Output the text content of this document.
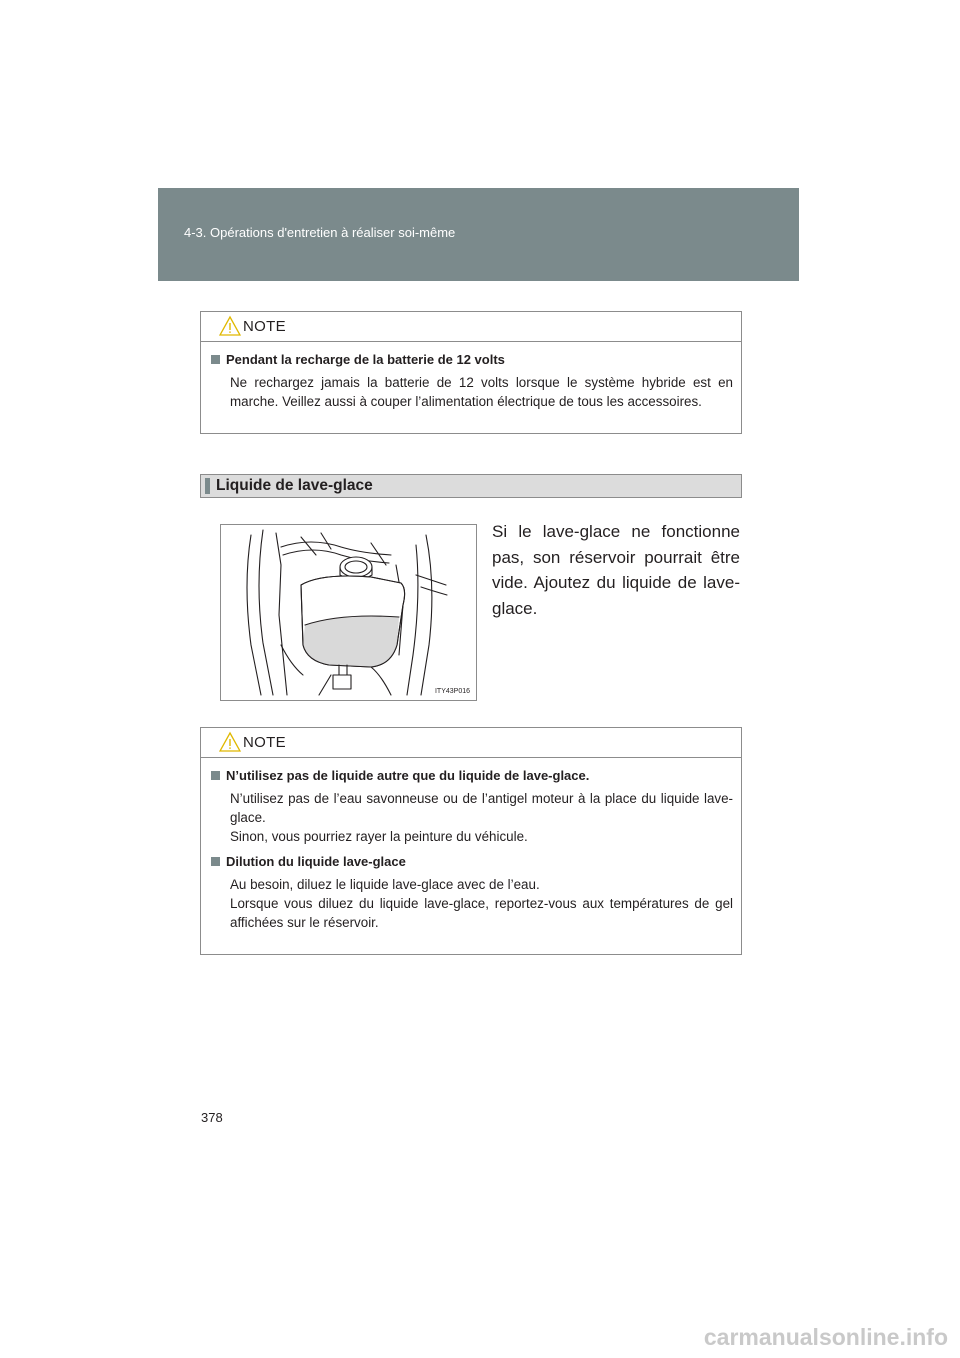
4-3. Opérations d'entretien à réaliser soi-même
NOTE
Pendant la recharge de la batterie de 12 volts

Ne rechargez jamais la batterie de 12 volts lorsque le système hybride est en marche. Veillez aussi à couper l’alimentation électrique de tous les accessoires.

Liquide de lave-glace
ITY43P016

Si le lave-glace ne fonctionne pas, son réservoir pourrait être vide. Ajoutez du liquide de lave-glace.

NOTE
N’utilisez pas de liquide autre que du liquide de lave-glace.

N’utilisez pas de l’eau savonneuse ou de l’antigel moteur à la place du liquide lave-glace.

Sinon, vous pourriez rayer la peinture du véhicule.

Dilution du liquide lave-glace

Au besoin, diluez le liquide lave-glace avec de l’eau.

Lorsque vous diluez du liquide lave-glace, reportez-vous aux températures de gel affichées sur le réservoir.

378
carmanualsonline.info
